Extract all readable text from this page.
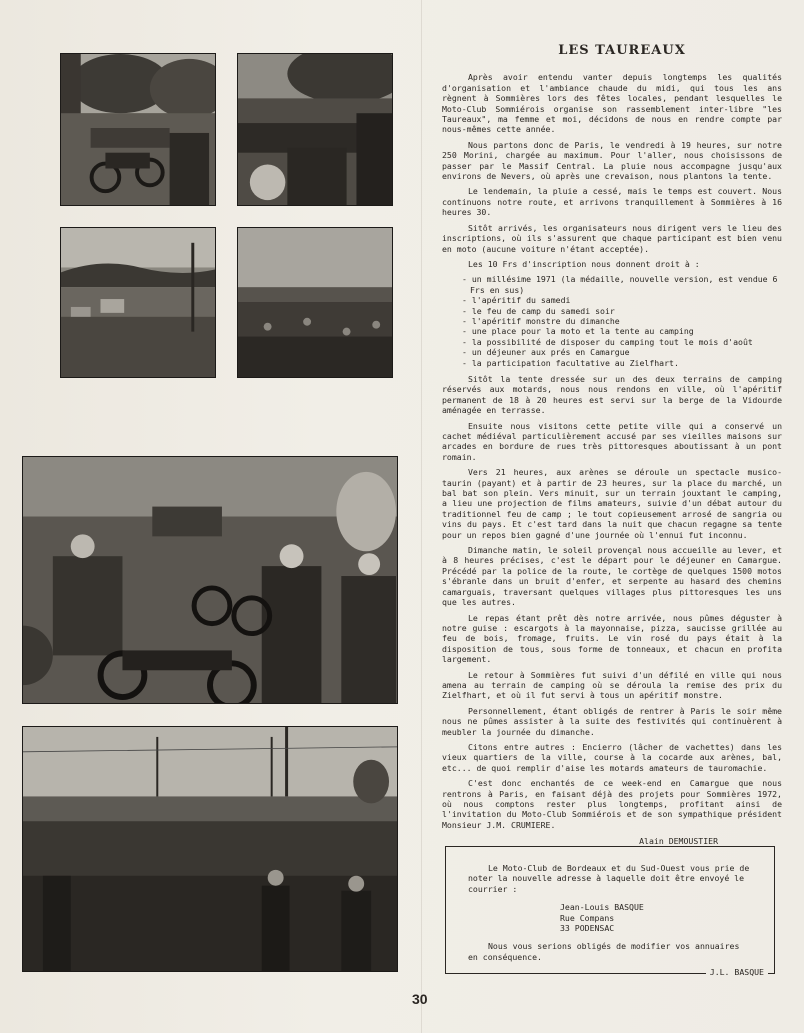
LES TAUREAUX

Après avoir entendu vanter depuis longtemps les qualités d'organisation et l'ambiance chaude du midi, qui tous les ans règnent à Sommières lors des fêtes locales, pendant lesquelles le Moto-Club Sommiérois organise son rassemblement inter-libre "les Taureaux", ma femme et moi, décidons de nous en rendre compte par nous-mêmes cette année.

Nous partons donc de Paris, le vendredi à 19 heures, sur notre 250 Morini, chargée au maximum. Pour l'aller, nous choisissons de passer par le Massif Central. La pluie nous accompagne jusqu'aux environs de Nevers, où après une crevaison, nous plantons la tente.

Le lendemain, la pluie a cessé, mais le temps est couvert. Nous continuons notre route, et arrivons tranquillement à Sommières à 16 heures 30.

Sitôt arrivés, les organisateurs nous dirigent vers le lieu des inscriptions, où ils s'assurent que chaque participant est bien venu en moto (aucune voiture n'étant acceptée).

Les 10 Frs d'inscription nous donnent droit à :

- un millésime 1971 (la médaille, nouvelle version, est vendue 6 Frs en sus)
- l'apéritif du samedi
- le feu de camp du samedi soir
- l'apéritif monstre du dimanche
- une place pour la moto et la tente au camping
- la possibilité de disposer du camping tout le mois d'août
- un déjeuner aux prés en Camargue
- la participation facultative au Zielfhart.

Sitôt la tente dressée sur un des deux terrains de camping réservés aux motards, nous nous rendons en ville, où l'apéritif permanent de 18 à 20 heures est servi sur la berge de la Vidourde aménagée en terrasse.

Ensuite nous visitons cette petite ville qui a conservé un cachet médiéval particulièrement accusé par ses vieilles maisons sur arcades en bordure de rues très pittoresques aboutissant à un pont romain.

Vers 21 heures, aux arènes se déroule un spectacle musico-taurin (payant) et à partir de 23 heures, sur la place du marché, un bal bat son plein. Vers minuit, sur un terrain jouxtant le camping, a lieu une projection de films amateurs, suivie d'un débat autour du traditionnel feu de camp ; le tout copieusement arrosé de sangria ou vins du pays. Et c'est tard dans la nuit que chacun regagne sa tente pour un repos bien gagné d'une journée où l'ennui fut inconnu.

Dimanche matin, le soleil provençal nous accueille au lever, et à 8 heures précises, c'est le départ pour le déjeuner en Camargue. Précédé par la police de la route, le cortège de quelques 1500 motos s'ébranle dans un bruit d'enfer, et serpente au hasard des chemins camarguais, traversant quelques villages plus pittoresques les uns que les autres.

Le repas étant prêt dès notre arrivée, nous pûmes déguster à notre guise : escargots à la mayonnaise, pizza, saucisse grillée au feu de bois, fromage, fruits. Le vin rosé du pays était à la disposition de tous, sous forme de tonneaux, et chacun en profita largement.

Le retour à Sommières fut suivi d'un défilé en ville qui nous amena au terrain de camping où se déroula la remise des prix du Zielfhart, et où il fut servi à tous un apéritif monstre.

Personnellement, étant obligés de rentrer à Paris le soir même nous ne pûmes assister à la suite des festivités qui continuèrent à meubler la journée du dimanche.

Citons entre autres : Encierro (lâcher de vachettes) dans les vieux quartiers de la ville, course à la cocarde aux arènes, bal, etc... de quoi remplir d'aise les motards amateurs de tauromachie.

C'est donc enchantés de ce week-end en Camargue que nous rentrons à Paris, en faisant déjà des projets pour Sommières 1972, où nous comptons rester plus longtemps, profitant ainsi de l'invitation du Moto-Club Sommiérois et de son sympathique président Monsieur J.M. CRUMIERE.

Alain DEMOUSTIER
Le Moto-Club de Bordeaux et du Sud-Ouest vous prie de noter la nouvelle adresse à laquelle doit être envoyé le courrier :
Jean-Louis BASQUE
Rue Compans
33 PODENSAC
Nous vous serions obligés de modifier vos annuaires en conséquence.
J.L. BASQUE
30
